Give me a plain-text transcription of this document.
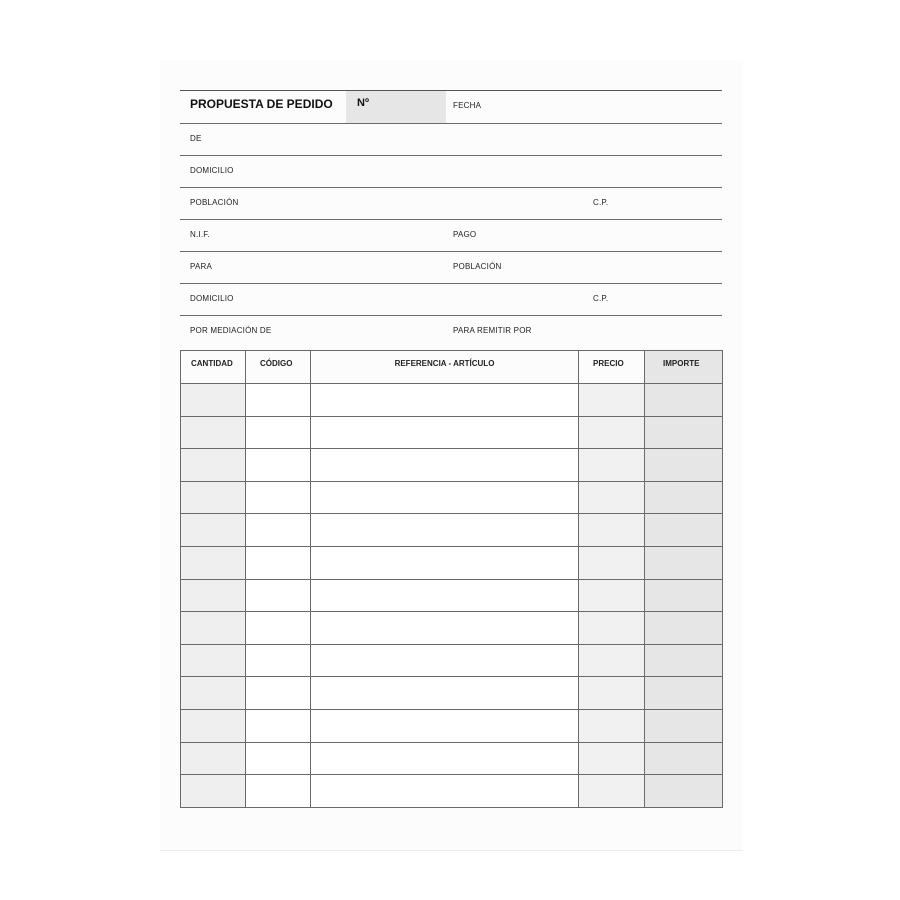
PROPUESTA DE PEDIDO Nº	FECHA
DE
DOMICILIO
POBLACIÓN	C.P.
N.I.F.	PAGO
PARA	POBLACIÓN
DOMICILIO	C.P.
POR MEDIACIÓN DE	PARA REMITIR POR
CANTIDAD	CÓDIGO	REFERENCIA - ARTÍCULO	PRECIO	IMPORTE
